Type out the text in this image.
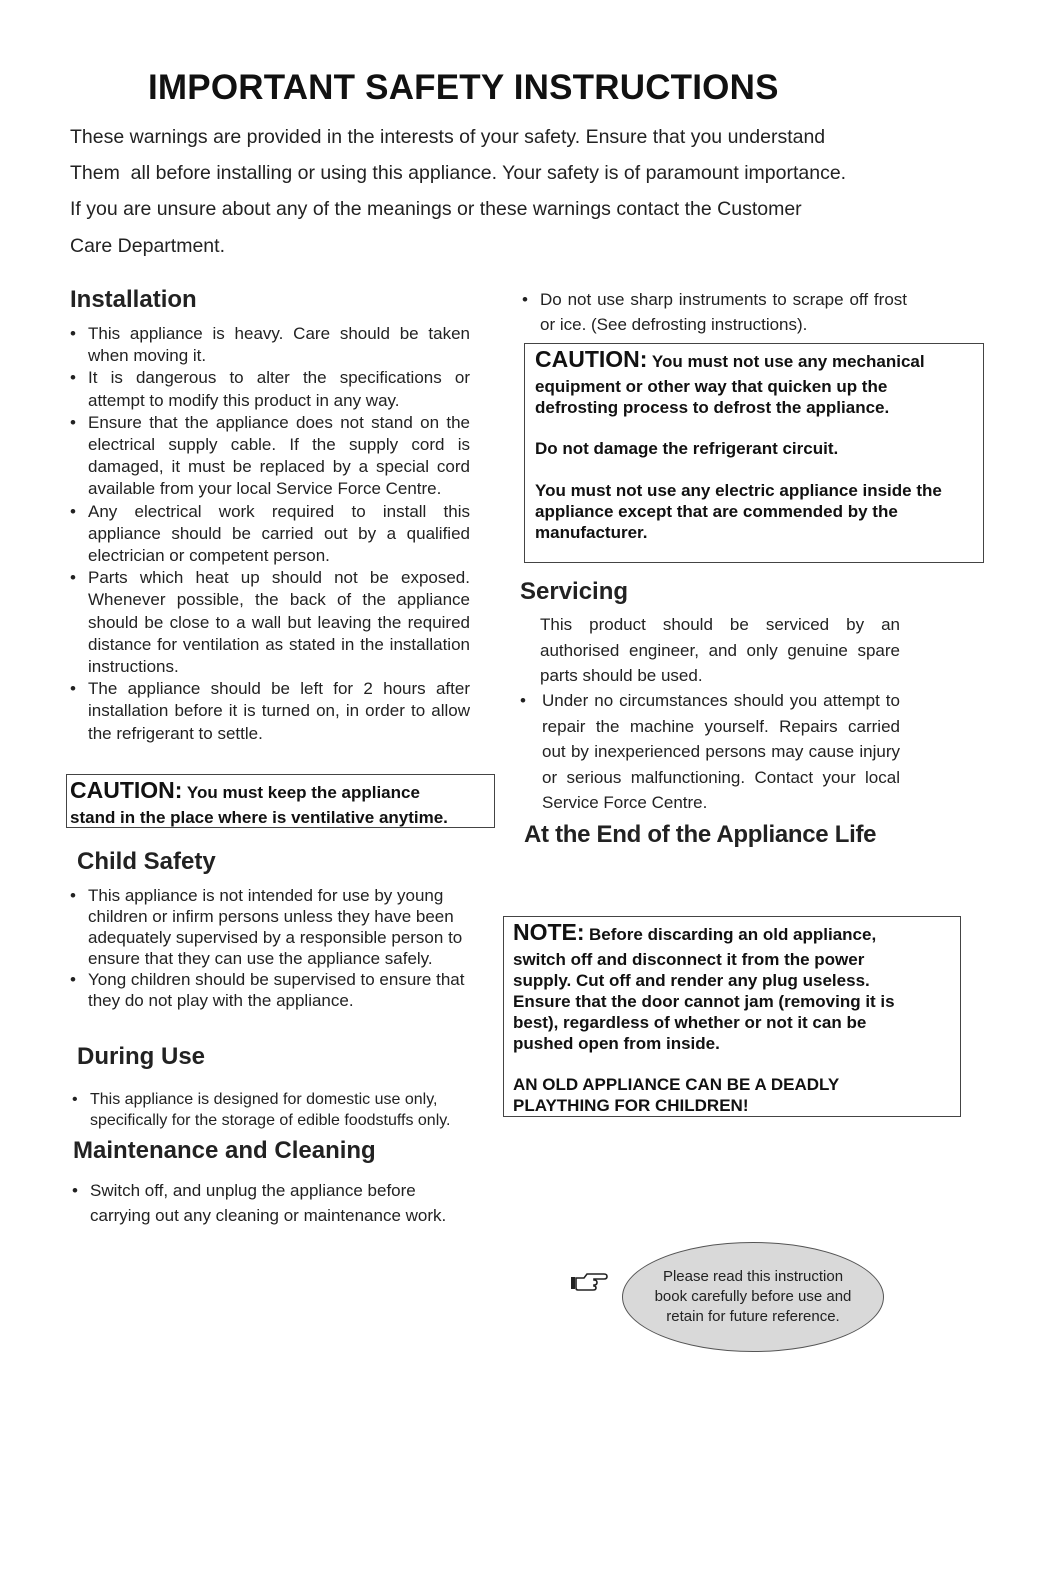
IMPORTANT SAFETY INSTRUCTIONS

These warnings are provided in the interests of your safety. Ensure that you understand

Them  all before installing or using this appliance. Your safety is of paramount importance.

If you are unsure about any of the meanings or these warnings contact the Customer

Care Department.

Installation
• This appliance is heavy. Care should be taken when moving it.
• It is dangerous to alter the specifications or attempt to modify this product in any way.
• Ensure that the appliance does not stand on the electrical supply cable. If the supply cord is damaged, it must be replaced by a special cord available from your local Service Force Centre.
• Any electrical work required to install this appliance should be carried out by a qualified electrician or competent person.
• Parts which heat up should not be exposed. Whenever possible, the back of the appliance should be close to a wall but leaving the required distance for ventilation as stated in the installation instructions.
• The appliance should be left for 2 hours after installation before it is turned on, in order to allow the refrigerant to settle.
CAUTION: You must keep the appliance
stand in the place where is ventilative anytime.
Child Safety
• This appliance is not intended for use by young children or infirm persons unless they have been adequately supervised by a responsible person to ensure that they can use the appliance safely.
• Yong children should be supervised to ensure that they do not play with the appliance.
During Use
• This appliance is designed for domestic use only, specifically for the storage of edible foodstuffs only.
Maintenance and Cleaning
• Switch off, and unplug the appliance before carrying out any cleaning or maintenance work.
• Do not use sharp instruments to scrape off frost or ice. (See defrosting instructions).
CAUTION: You must not use any mechanical
equipment or other way that quicken up the defrosting process to defrost the appliance.
Do not damage the refrigerant circuit.
You must not use any electric appliance inside the appliance except that are commended by the manufacturer.
Servicing

This product should be serviced by an authorised engineer, and only genuine spare parts should be used.

• Under no circumstances should you attempt to repair the machine yourself. Repairs carried out by inexperienced persons may cause injury or serious malfunctioning. Contact your local Service Force Centre.
At the End of the Appliance Life
NOTE: Before discarding an old appliance,
switch off and disconnect it from the power supply. Cut off and render any plug useless. Ensure that the door cannot jam (removing it is best), regardless of whether or not it can be pushed open from inside.
AN OLD APPLIANCE CAN BE A DEADLY PLAYTHING FOR CHILDREN!
Please read this instruction book carefully before use and retain for future reference.
